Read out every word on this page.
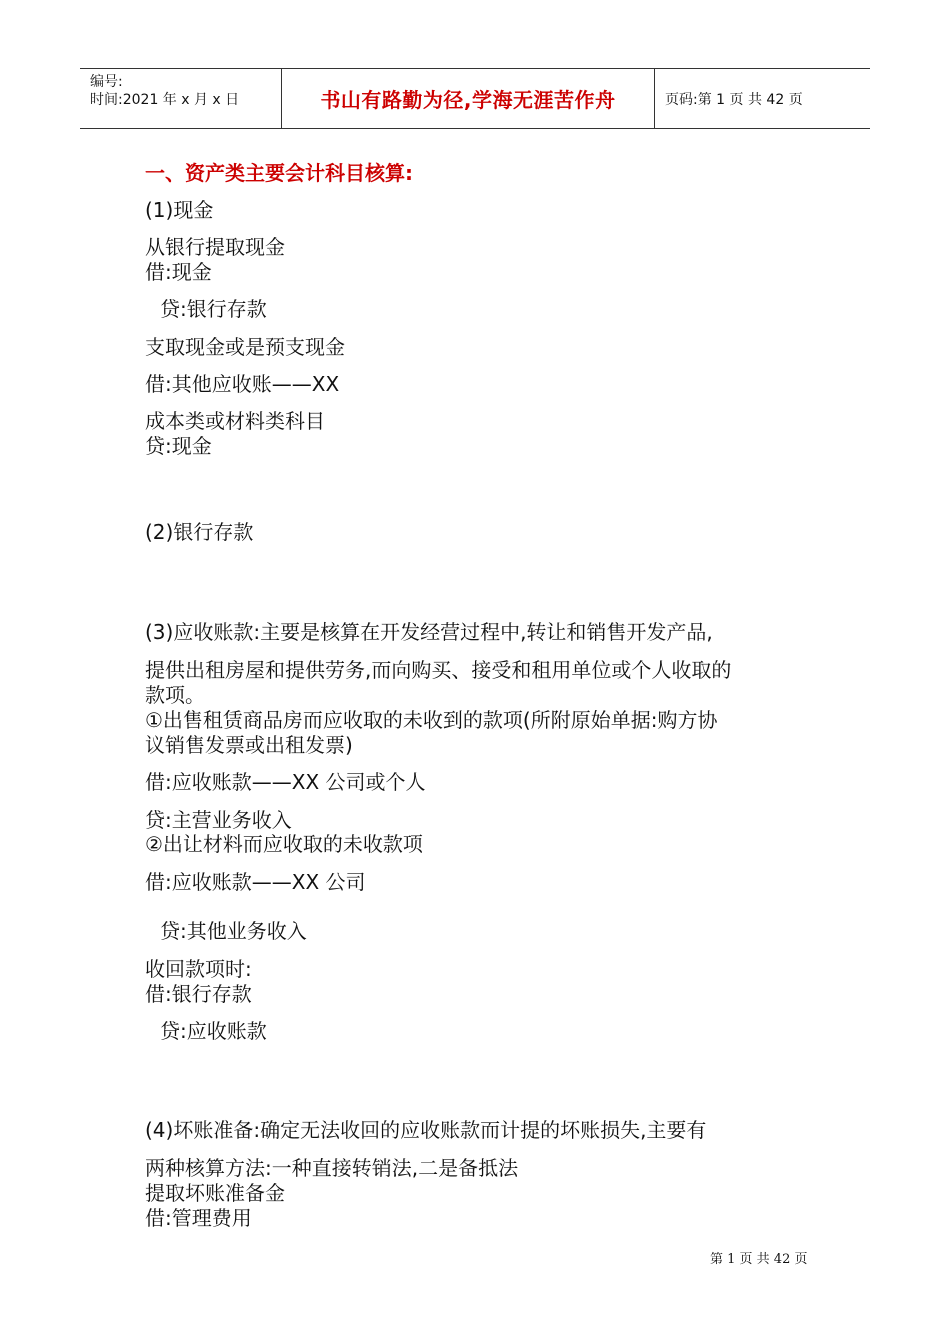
编号:
时间:2021 年 x 月 x 日	书山有路勤为径,学海无涯苦作舟	页码:第 1 页 共 42 页
一、资产类主要会计科目核算:
(1)现金
从银行提取现金
借:现金
贷:银行存款
支取现金或是预支现金
借:其他应收账——XX
成本类或材料类科目
贷:现金
(2)银行存款
(3)应收账款:主要是核算在开发经营过程中,转让和销售开发产品,
提供出租房屋和提供劳务,而向购买、接受和租用单位或个人收取的
款项。
①出售租赁商品房而应收取的未收到的款项(所附原始单据:购方协
议销售发票或出租发票)
借:应收账款——XX 公司或个人
贷:主营业务收入
②出让材料而应收取的未收款项
借:应收账款——XX 公司
贷:其他业务收入
收回款项时:
借:银行存款
贷:应收账款
(4)坏账准备:确定无法收回的应收账款而计提的坏账损失,主要有
两种核算方法:一种直接转销法,二是备抵法
提取坏账准备金
借:管理费用
第 1 页 共 42 页
